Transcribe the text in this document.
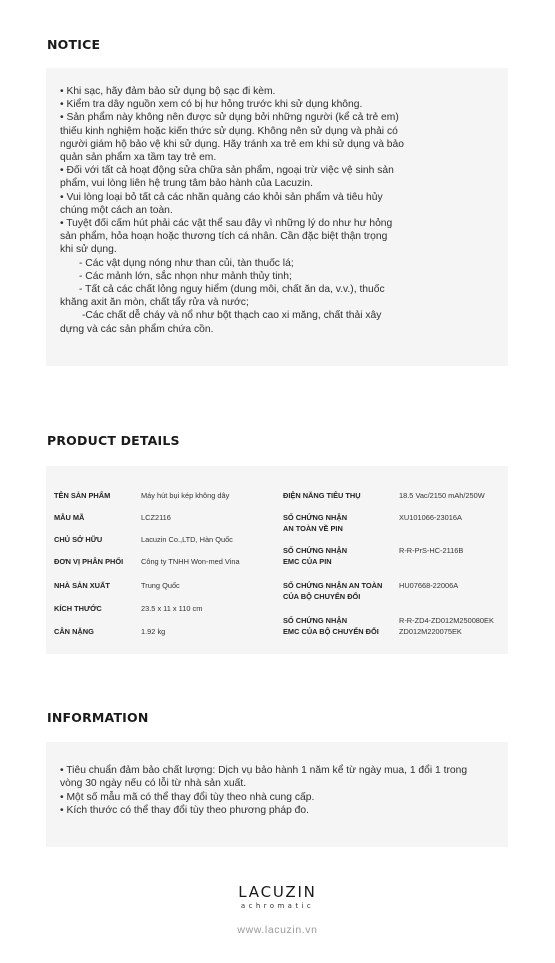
NOTICE
• Khi sạc, hãy đảm bảo sử dụng bộ sạc đi kèm.
• Kiểm tra dây nguồn xem có bị hư hỏng trước khi sử dụng không.
• Sản phẩm này không nên được sử dụng bởi những người (kể cả trẻ em)
thiếu kinh nghiệm hoặc kiến thức sử dụng. Không nên sử dụng và phải có
người giám hộ bảo vệ khi sử dụng. Hãy tránh xa trẻ em khi sử dụng và bảo
quản sản phẩm xa tầm tay trẻ em.
• Đối với tất cả hoạt động sửa chữa sản phẩm, ngoại trừ việc vệ sinh sản
phẩm, vui lòng liên hệ trung tâm bảo hành của Lacuzin.
• Vui lòng loại bỏ tất cả các nhãn quảng cáo khỏi sản phẩm và tiêu hủy
chúng một cách an toàn.
• Tuyệt đối cấm hút phải các vật thể sau đây vì những lý do như hư hỏng
sản phẩm, hỏa hoạn hoặc thương tích cá nhân. Cần đặc biệt thận trọng
khi sử dụng.
- Các vật dụng nóng như than củi, tàn thuốc lá;
- Các mảnh lớn, sắc nhọn như mảnh thủy tinh;
- Tất cả các chất lỏng nguy hiểm (dung môi, chất ăn da, v.v.), thuốc
khăng axit ăn mòn, chất tẩy rửa và nước;
-Các chất dễ cháy và nổ như bột thạch cao xi măng, chất thải xây
dựng và các sản phẩm chứa cồn.
PRODUCT DETAILS
TÊN SẢN PHẨM	Máy hút bụi kép không dây
MẪU MÃ	LCZ2116
CHỦ SỞ HỮU	Lacuzin Co.,LTD, Hàn Quốc
ĐƠN VỊ PHÂN PHỐI Công ty TNHH Won-med Vina
NHÀ SẢN XUẤT	Trung Quốc
KÍCH THƯỚC	23.5 x 11 x 110 cm
CÂN NẶNG	1.92 kg
ĐIỆN NĂNG TIÊU THỤ	18.5 Vac/2150 mAh/250W
SỐ CHỨNG NHẬN
AN TOÀN VỀ PIN
XU101066-23016A
SỐ CHỨNG NHẬN
EMC CỦA PIN
R-R-PrS-HC-2116B
SỐ CHỨNG NHẬN AN TOÀN
CỦA BỘ CHUYỂN ĐỔI
HU07668-22006A
SỐ CHỨNG NHẬN
EMC CỦA BỘ CHUYỂN ĐỔI
R-R-ZD4-ZD012M250080EK
ZD012M220075EK
INFORMATION
• Tiêu chuẩn đảm bảo chất lượng: Dịch vụ bảo hành 1 năm kể từ ngày mua, 1 đổi 1 trong
vòng 30 ngày nếu có lỗi từ nhà sản xuất.
• Một số mẫu mã có thể thay đổi tùy theo nhà cung cấp.
• Kích thước có thể thay đổi tùy theo phương pháp đo.
LACUZIN
achromatic
www.lacuzin.vn
